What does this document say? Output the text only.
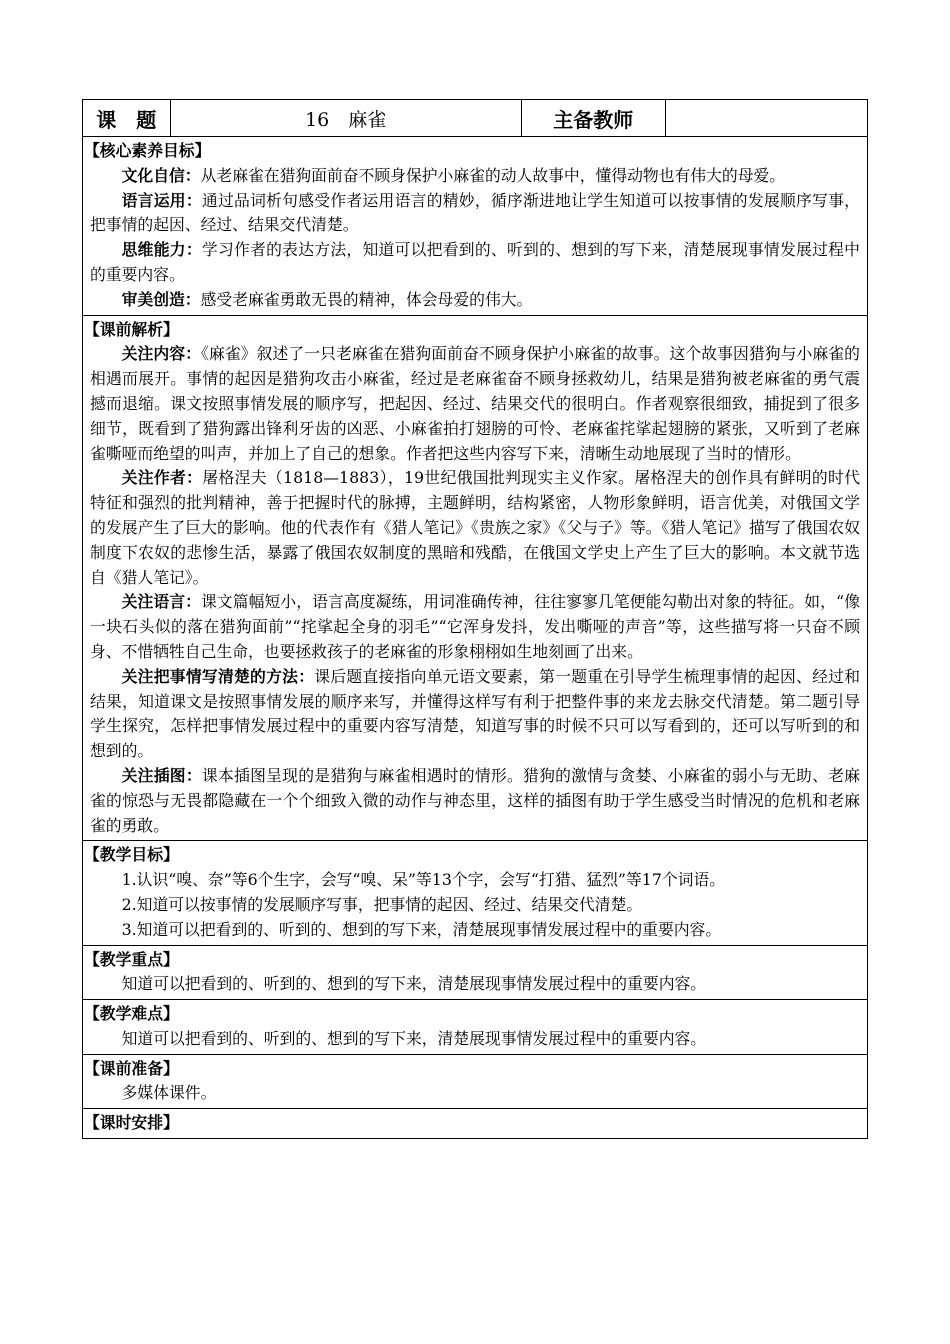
课　题	16　麻雀	主备教师	

【核心素养目标】
文化自信：从老麻雀在猎狗面前奋不顾身保护小麻雀的动人故事中，懂得动物也有伟大的母爱。
语言运用：通过品词析句感受作者运用语言的精妙，循序渐进地让学生知道可以按事情的发展顺序写事，把事情的起因、经过、结果交代清楚。
思维能力：学习作者的表达方法，知道可以把看到的、听到的、想到的写下来，清楚展现事情发展过程中的重要内容。
审美创造：感受老麻雀勇敢无畏的精神，体会母爱的伟大。

【课前解析】
关注内容：《麻雀》叙述了一只老麻雀在猎狗面前奋不顾身保护小麻雀的故事。这个故事因猎狗与小麻雀的相遇而展开。事情的起因是猎狗攻击小麻雀，经过是老麻雀奋不顾身拯救幼儿，结果是猎狗被老麻雀的勇气震撼而退缩。课文按照事情发展的顺序写，把起因、经过、结果交代的很明白。作者观察很细致，捕捉到了很多细节，既看到了猎狗露出锋利牙齿的凶恶、小麻雀拍打翅膀的可怜、老麻雀挓挲起翅膀的紧张，又听到了老麻雀嘶哑而绝望的叫声，并加上了自己的想象。作者把这些内容写下来，清晰生动地展现了当时的情形。
关注作者：屠格涅夫（1818—1883），19世纪俄国批判现实主义作家。屠格涅夫的创作具有鲜明的时代特征和强烈的批判精神，善于把握时代的脉搏，主题鲜明，结构紧密，人物形象鲜明，语言优美，对俄国文学的发展产生了巨大的影响。他的代表作有《猎人笔记》《贵族之家》《父与子》等。《猎人笔记》描写了俄国农奴制度下农奴的悲惨生活，暴露了俄国农奴制度的黑暗和残酷，在俄国文学史上产生了巨大的影响。本文就节选自《猎人笔记》。
关注语言：课文篇幅短小，语言高度凝练，用词准确传神，往往寥寥几笔便能勾勒出对象的特征。如，“像一块石头似的落在猎狗面前”“挓挲起全身的羽毛”“它浑身发抖，发出嘶哑的声音”等，这些描写将一只奋不顾身、不惜牺牲自己生命，也要拯救孩子的老麻雀的形象栩栩如生地刻画了出来。
关注把事情写清楚的方法：课后题直接指向单元语文要素，第一题重在引导学生梳理事情的起因、经过和结果，知道课文是按照事情发展的顺序来写，并懂得这样写有利于把整件事的来龙去脉交代清楚。第二题引导学生探究，怎样把事情发展过程中的重要内容写清楚，知道写事的时候不只可以写看到的，还可以写听到的和想到的。
关注插图：课本插图呈现的是猎狗与麻雀相遇时的情形。猎狗的激情与贪婪、小麻雀的弱小与无助、老麻雀的惊恐与无畏都隐藏在一个个细致入微的动作与神态里，这样的插图有助于学生感受当时情况的危机和老麻雀的勇敢。

【教学目标】
1.认识“嗅、奈”等6个生字，会写“嗅、呆”等13个字，会写“打猎、猛烈”等17个词语。
2.知道可以按事情的发展顺序写事，把事情的起因、经过、结果交代清楚。
3.知道可以把看到的、听到的、想到的写下来，清楚展现事情发展过程中的重要内容。

【教学重点】
知道可以把看到的、听到的、想到的写下来，清楚展现事情发展过程中的重要内容。

【教学难点】
知道可以把看到的、听到的、想到的写下来，清楚展现事情发展过程中的重要内容。

【课前准备】
多媒体课件。

【课时安排】
